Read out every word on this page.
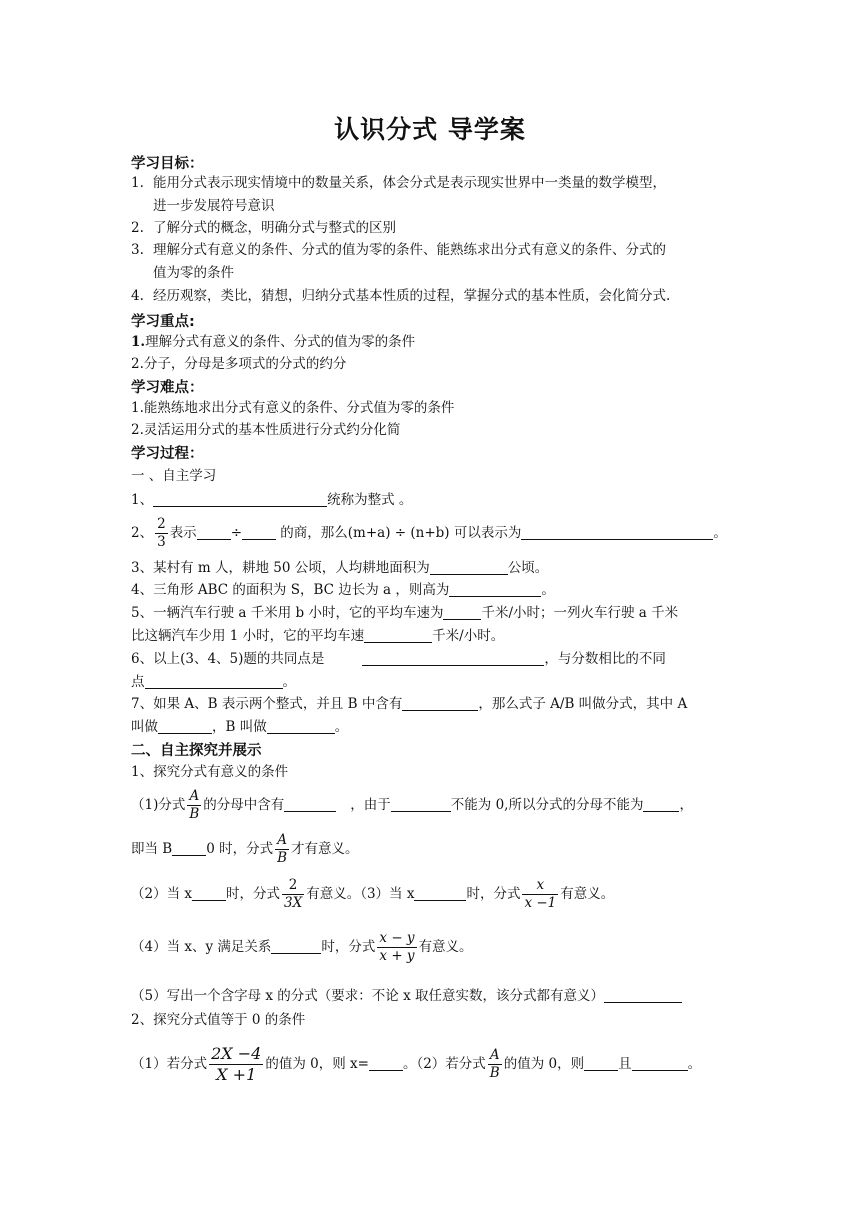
认识分式 导学案
学习目标：
1. 能用分式表示现实情境中的数量关系，体会分式是表示现实世界中一类量的数学模型，
进一步发展符号意识
2. 了解分式的概念，明确分式与整式的区别
3. 理解分式有意义的条件、分式的值为零的条件、能熟练求出分式有意义的条件、分式的
值为零的条件
4. 经历观察，类比，猜想，归纳分式基本性质的过程，掌握分式的基本性质，会化简分式.
学习重点:
1.理解分式有意义的条件、分式的值为零的条件
2.分子，分母是多项式的分式的约分
学习难点：
1.能熟练地求出分式有意义的条件、分式值为零的条件
2.灵活运用分式的基本性质进行分式约分化简
学习过程：
一 、自主学习
1、	统称为整式 。
2、 $\frac{2}{3}$ 表示	÷	的商，那么(m+a) ÷ (n+b) 可以表示为	。
3、某村有 m 人，耕地 50 公顷，人均耕地面积为	公顷。
4、三角形 ABC 的面积为 S，BC 边长为 a ，则高为	。
5、一辆汽车行驶 a 千米用 b 小时，它的平均车速为	千米/小时；一列火车行驶 a 千米
比这辆汽车少用 1 小时，它的平均车速	千米/小时。
6、以上(3、4、5)题的共同点是	，与分数相比的不同
点	。
7、如果 A、B 表示两个整式，并且 B 中含有	，那么式子 A/B 叫做分式，其中 A
叫做	，B 叫做	。
二、自主探究并展示
1、探究分式有意义的条件
（1)分式 $\frac{A}{B}$ 的分母中含有	，由于	不能为 0,所以分式的分母不能为	，
即当 B	0 时，分式 $\frac{A}{B}$ 才有意义。
（2）当 x	时，分式 $\frac{2}{3X}$ 有意义。（3）当 x	时，分式 $\frac{x}{x -1}$ 有意义。
（4）当 x、y 满足关系	时，分式 $\frac{x - y}{x + y}$ 有意义。
（5）写出一个含字母 x 的分式（要求：不论 x 取任意实数，该分式都有意义）
2、探究分式值等于 0 的条件
（1）若分式 $\frac{2X -4}{X +1}$ 的值为 0，则 x=	。（2）若分式 $\frac{A}{B}$ 的值为 0，则	且	。
